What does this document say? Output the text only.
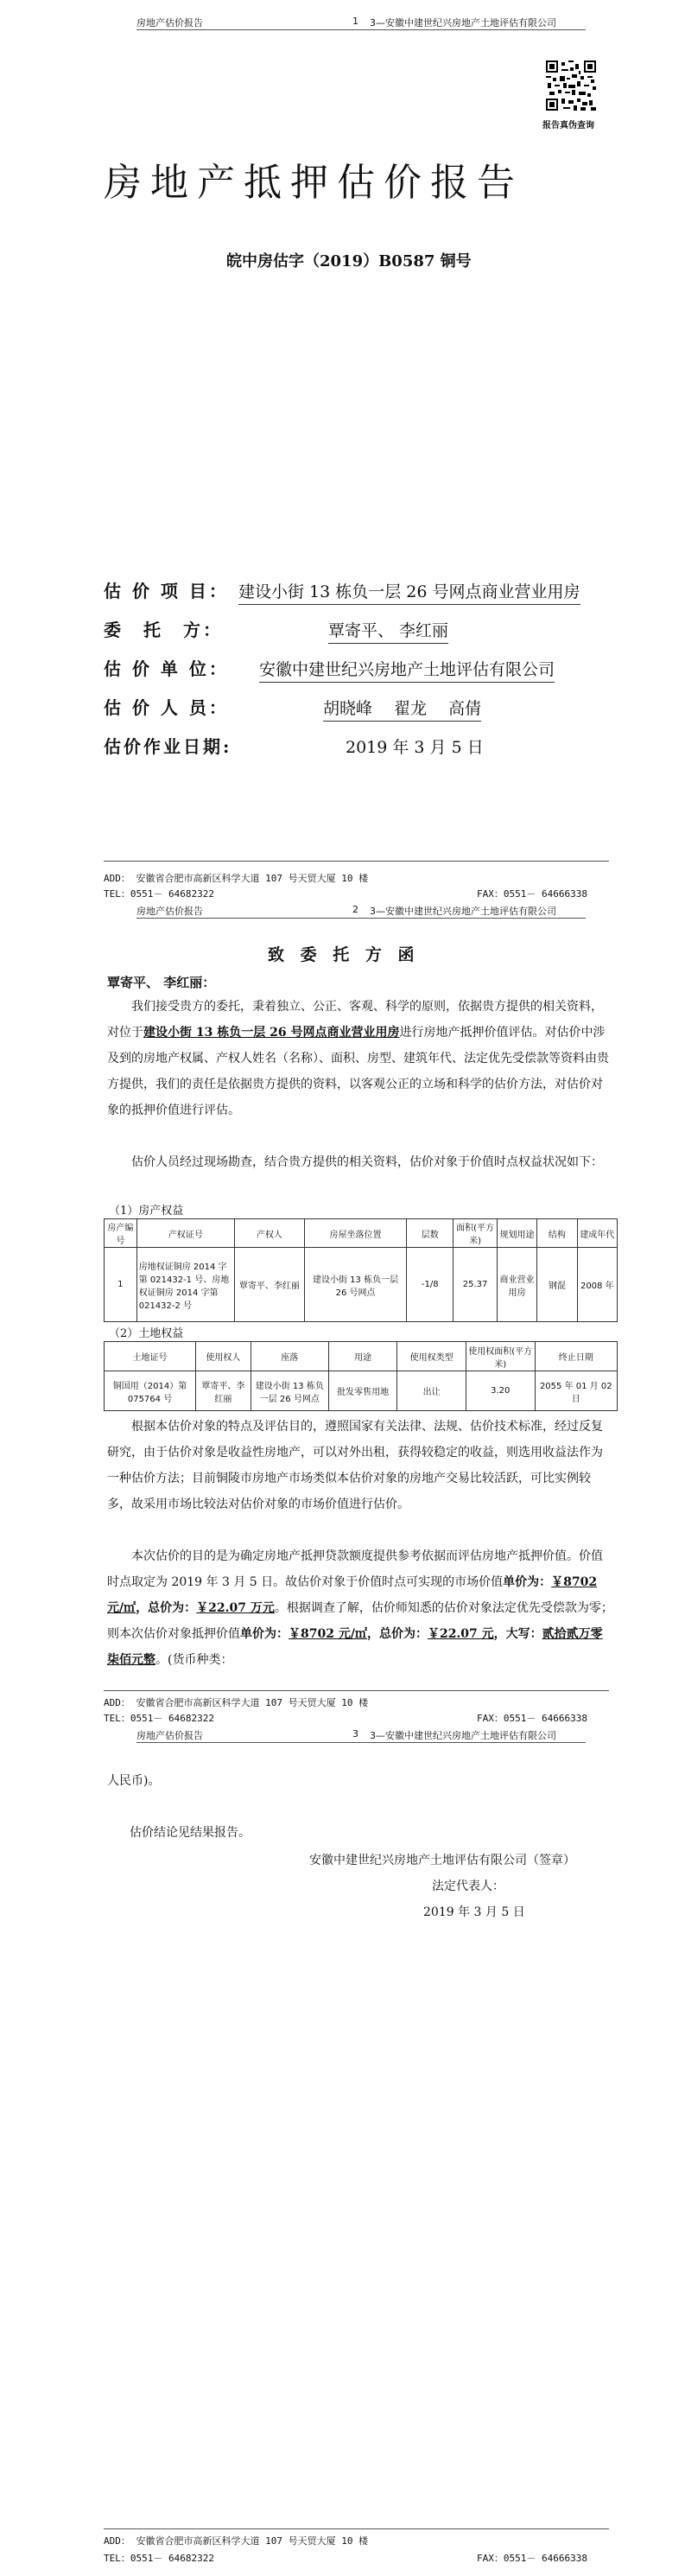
房地产估价报告	1 3—安徽中建世纪兴房地产土地评估有限公司
报告真伪查询
房地产抵押估价报告
皖中房估字（2019）B0587 铜号
估 价 项 目： 建设小街 13 栋负一层 26 号网点商业营业用房
委　托　方：	覃寄平、 李红丽
估 价 单 位： 安徽中建世纪兴房地产土地评估有限公司
估 价 人 员：	胡晓峰　 翟龙　 高倩
估价作业日期:	2019 年 3 月 5 日
ADD： 安徽省合肥市高新区科学大道 107 号天贸大厦 10 楼
TEL：0551－ 64682322	FAX：0551－ 64666338
房地产估价报告	2 3—安徽中建世纪兴房地产土地评估有限公司
致 委 托 方 函
覃寄平、 李红丽：
我们接受贵方的委托，秉着独立、公正、客观、科学的原则，依据贵方提供的相关资料，对位于建设小街 13 栋负一层 26 号网点商业营业用房进行房地产抵押价值评估。对估价中涉及到的房地产权属、产权人姓名（名称）、面积、房型、建筑年代、法定优先受偿款等资料由贵方提供，我们的责任是依据贵方提供的资料，以客观公正的立场和科学的估价方法，对估价对象的抵押价值进行评估。
估价人员经过现场勘查，结合贵方提供的相关资料，估价对象于价值时点权益状况如下：
（1）房产权益
房产编号	产权证号	产权人	房屋坐落位置	层数	面积(平方米)	规划用途	结构	建成年代
1	房地权证铜房 2014 字第 021432-1 号、房地权证铜房 2014 字第 021432-2 号	覃寄平、李红丽	建设小街 13 栋负一层 26 号网点	-1/8	25.37	商业营业用房	钢混	2008 年
（2）土地权益
土地证号	使用权人	座落	用途	使用权类型	使用权面积(平方米)	终止日期
铜国用（2014）第 075764 号	覃寄平、李红丽	建设小街 13 栋负一层 26 号网点	批发零售用地	出让	3.20	2055 年 01 月 02 日
根据本估价对象的特点及评估目的，遵照国家有关法律、法规、估价技术标准，经过反复研究，由于估价对象是收益性房地产，可以对外出租，获得较稳定的收益，则选用收益法作为一种估价方法；目前铜陵市房地产市场类似本估价对象的房地产交易比较活跃，可比实例较多，故采用市场比较法对估价对象的市场价值进行估价。
本次估价的目的是为确定房地产抵押贷款额度提供参考依据而评估房地产抵押价值。价值时点取定为 2019 年 3 月 5 日。故估价对象于价值时点可实现的市场价值单价为：￥8702 元/㎡，总价为：￥22.07 万元。根据调查了解，估价师知悉的估价对象法定优先受偿款为零；则本次估价对象抵押价值单价为：￥8702 元/㎡，总价为：￥22.07 元，大写：贰拾贰万零柒佰元整。(货币种类：
ADD： 安徽省合肥市高新区科学大道 107 号天贸大厦 10 楼
TEL：0551－ 64682322	FAX：0551－ 64666338
房地产估价报告	3 3—安徽中建世纪兴房地产土地评估有限公司
人民币)。
估价结论见结果报告。
安徽中建世纪兴房地产土地评估有限公司（签章）
法定代表人：
2019 年 3 月 5 日
ADD： 安徽省合肥市高新区科学大道 107 号天贸大厦 10 楼
TEL：0551－ 64682322	FAX：0551－ 64666338
